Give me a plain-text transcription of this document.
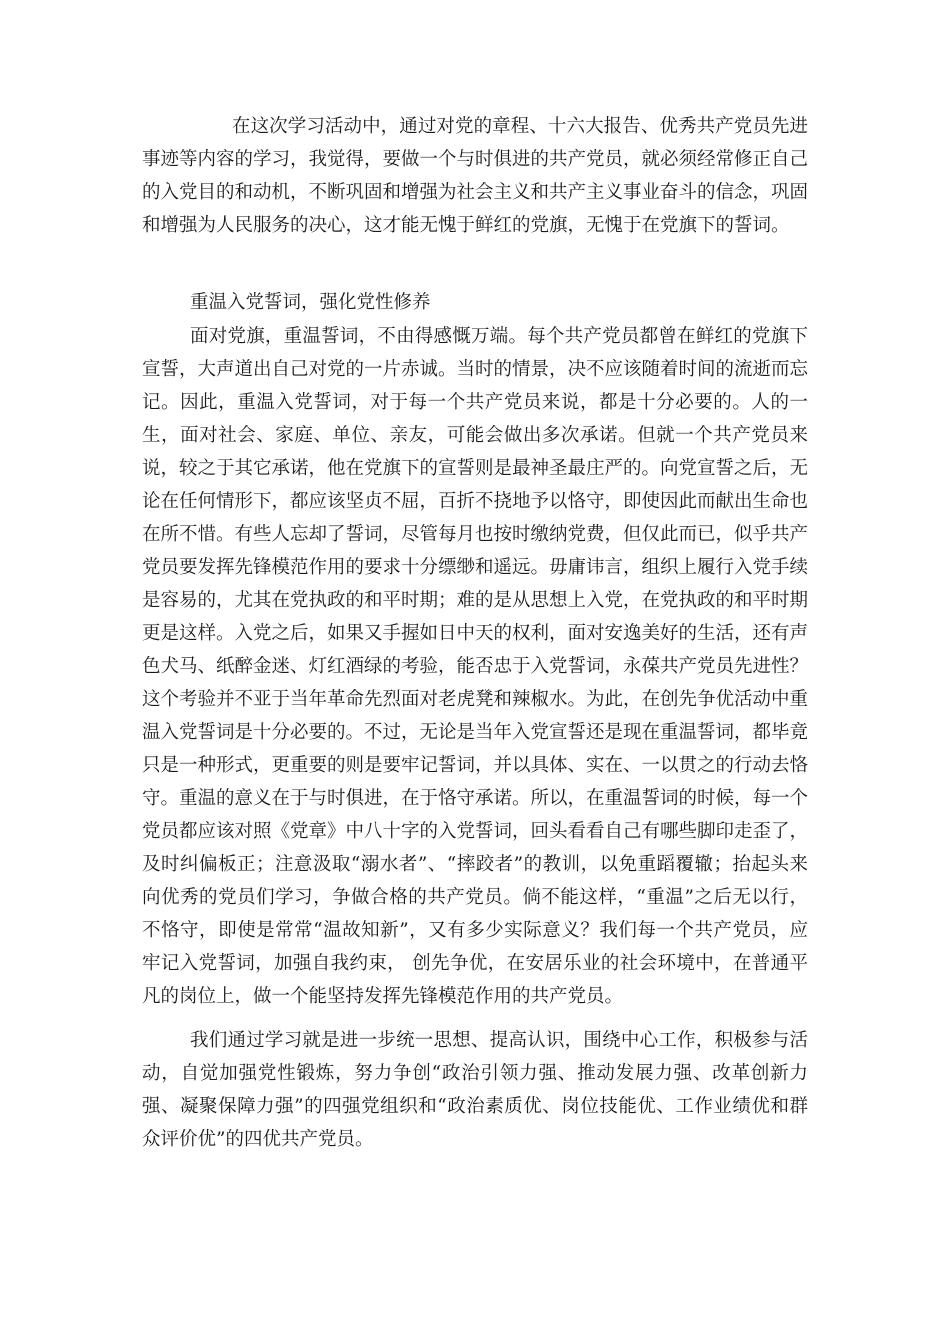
在这次学习活动中，通过对党的章程、十六大报告、优秀共产党员先进事迹等内容的学习，我觉得，要做一个与时俱进的共产党员，就必须经常修正自己的入党目的和动机，不断巩固和增强为社会主义和共产主义事业奋斗的信念，巩固和增强为人民服务的决心，这才能无愧于鲜红的党旗，无愧于在党旗下的誓词。

重温入党誓词，强化党性修养

面对党旗，重温誓词，不由得感慨万端。每个共产党员都曾在鲜红的党旗下宣誓，大声道出自己对党的一片赤诚。当时的情景，决不应该随着时间的流逝而忘记。因此，重温入党誓词，对于每一个共产党员来说，都是十分必要的。人的一生，面对社会、家庭、单位、亲友，可能会做出多次承诺。但就一个共产党员来说，较之于其它承诺，他在党旗下的宣誓则是最神圣最庄严的。向党宣誓之后，无论在任何情形下，都应该坚贞不屈，百折不挠地予以恪守，即使因此而献出生命也在所不惜。有些人忘却了誓词，尽管每月也按时缴纳党费，但仅此而已，似乎共产党员要发挥先锋模范作用的要求十分缥缈和遥远。毋庸讳言，组织上履行入党手续是容易的，尤其在党执政的和平时期；难的是从思想上入党，在党执政的和平时期更是这样。入党之后，如果又手握如日中天的权利，面对安逸美好的生活，还有声色犬马、纸醉金迷、灯红酒绿的考验，能否忠于入党誓词，永葆共产党员先进性？这个考验并不亚于当年革命先烈面对老虎凳和辣椒水。为此，在创先争优活动中重温入党誓词是十分必要的。不过，无论是当年入党宣誓还是现在重温誓词，都毕竟只是一种形式，更重要的则是要牢记誓词，并以具体、实在、一以贯之的行动去恪守。重温的意义在于与时俱进，在于恪守承诺。所以，在重温誓词的时候，每一个党员都应该对照《党章》中八十字的入党誓词，回头看看自己有哪些脚印走歪了，及时纠偏板正；注意汲取“溺水者”、“摔跤者”的教训，以免重蹈覆辙；抬起头来向优秀的党员们学习，争做合格的共产党员。倘不能这样，“重温”之后无以行，不恪守，即使是常常“温故知新”，又有多少实际意义？我们每一个共产党员，应牢记入党誓词，加强自我约束， 创先争优，在安居乐业的社会环境中，在普通平凡的岗位上，做一个能坚持发挥先锋模范作用的共产党员。

我们通过学习就是进一步统一思想、提高认识，围绕中心工作，积极参与活动，自觉加强党性锻炼，努力争创“政治引领力强、推动发展力强、改革创新力强、凝聚保障力强”的四强党组织和“政治素质优、岗位技能优、工作业绩优和群众评价优”的四优共产党员。
